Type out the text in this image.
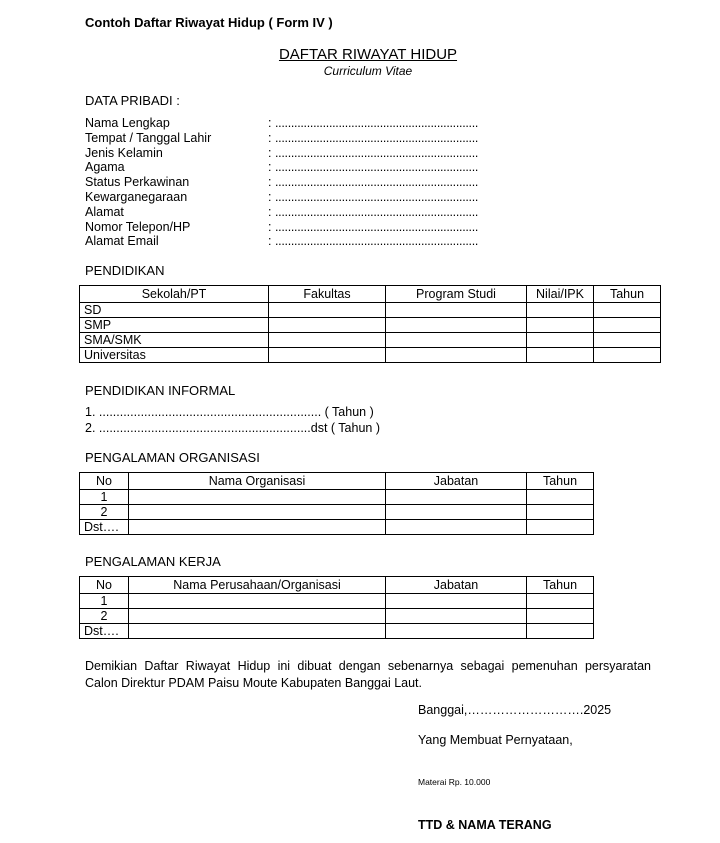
Contoh Daftar Riwayat Hidup ( Form IV )
DAFTAR RIWAYAT HIDUP
Curriculum Vitae
DATA PRIBADI :
Nama Lengkap	: ................................................................
Tempat / Tanggal Lahir	: ................................................................
Jenis Kelamin	: ................................................................
Agama	: ................................................................
Status Perkawinan	: ................................................................
Kewarganegaraan	: ................................................................
Alamat	: ................................................................
Nomor Telepon/HP	: ................................................................
Alamat Email	: ................................................................
PENDIDIKAN
Sekolah/PT	Fakultas	Program Studi	Nilai/IPK	Tahun
SD				
SMP				
SMA/SMK				
Universitas				
PENDIDIKAN INFORMAL
1. ................................................................ ( Tahun )
2. .............................................................dst ( Tahun )
PENGALAMAN ORGANISASI
No	Nama Organisasi	Jabatan	Tahun
1			
2			
Dst….			
PENGALAMAN KERJA
No	Nama Perusahaan/Organisasi	Jabatan	Tahun
1			
2			
Dst….			
Demikian Daftar Riwayat Hidup ini dibuat dengan sebenarnya sebagai pemenuhan persyaratan
Calon Direktur PDAM Paisu Moute Kabupaten Banggai Laut.
Banggai,……………………….2025
Yang Membuat Pernyataan,
Materai Rp. 10.000
TTD & NAMA TERANG
